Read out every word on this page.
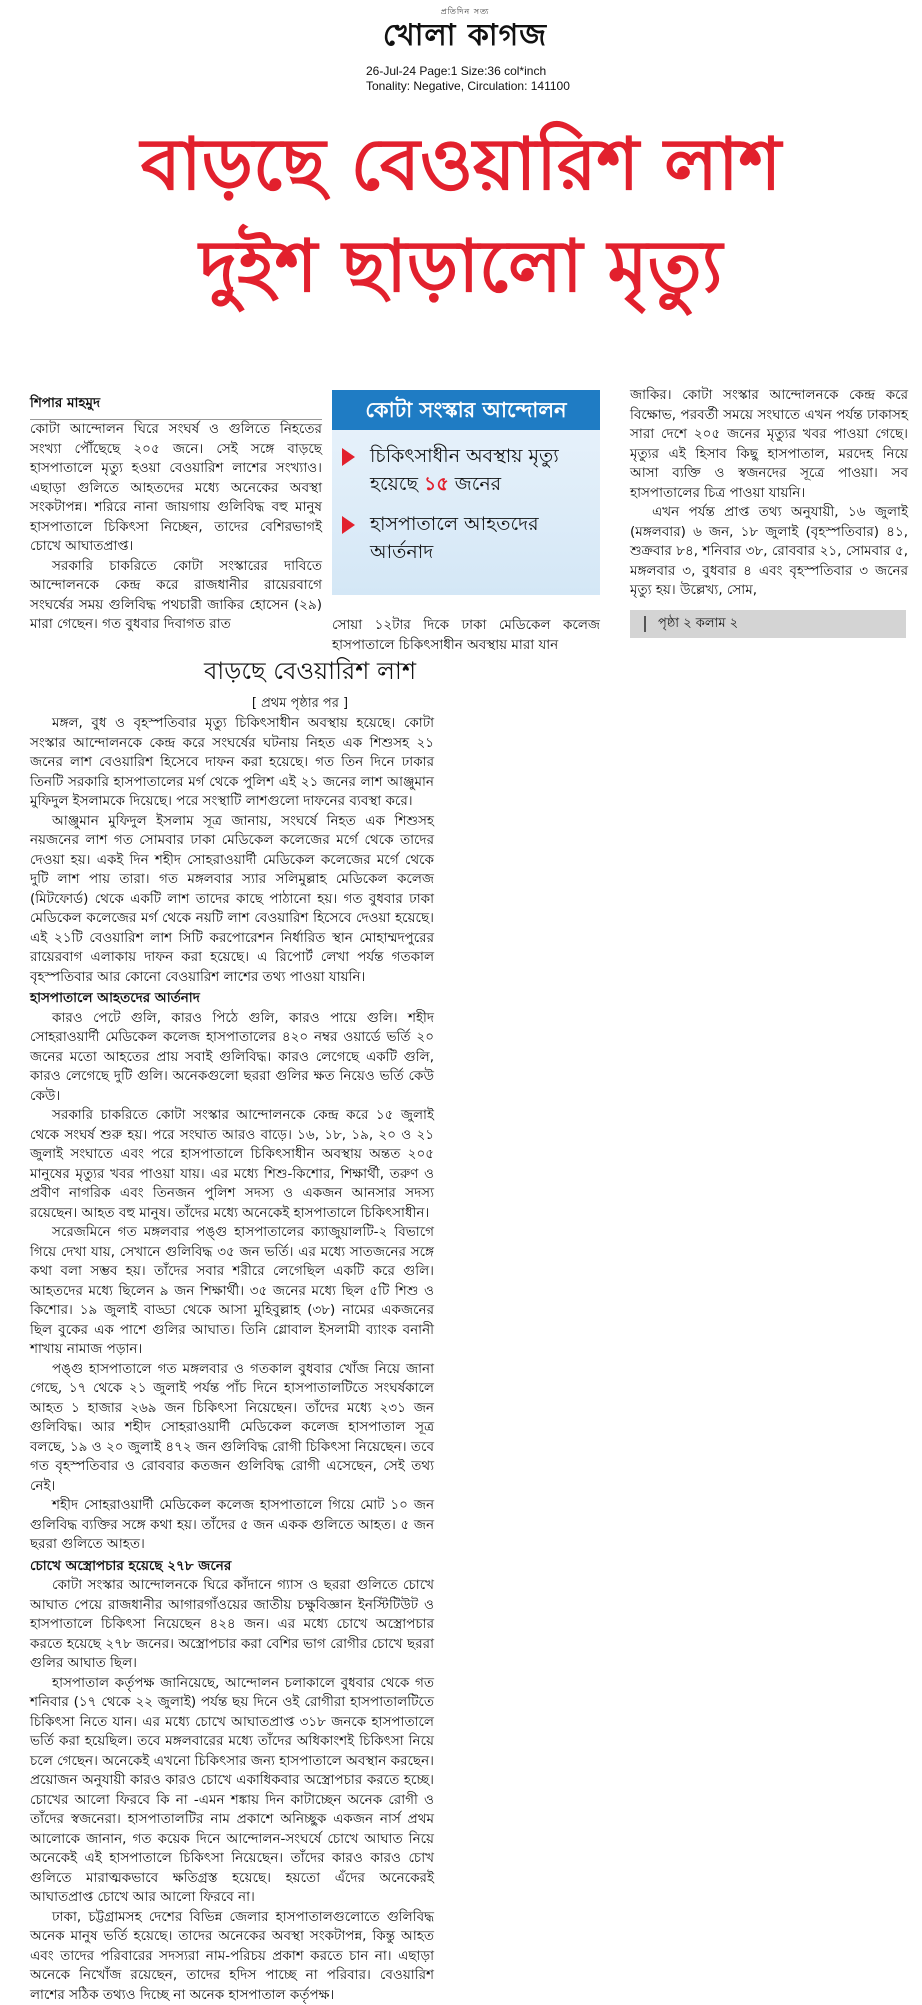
প্রতিদিন সত্য
খোলা কাগজ
26-Jul-24 Page:1 Size:36 col*inch
Tonality: Negative, Circulation: 141100
বাড়ছে বেওয়ারিশ লাশ
দুইশ ছাড়ালো মৃত্যু
শিপার মাহমুদ

কোটা আন্দোলন ঘিরে সংঘর্ষ ও গুলিতে নিহতের সংখ্যা পৌঁছেছে ২০৫ জনে। সেই সঙ্গে বাড়ছে হাসপাতালে মৃত্যু হওয়া বেওয়ারিশ লাশের সংখ্যাও। এছাড়া গুলিতে আহতদের মধ্যে অনেকের অবস্থা সংকটাপন্ন। শরিরে নানা জায়গায় গুলিবিদ্ধ বহু মানুষ হাসপাতালে চিকিৎসা নিচ্ছেন, তাদের বেশিরভাগই চোখে আঘাতপ্রাপ্ত।

সরকারি চাকরিতে কোটা সংস্কারের দাবিতে আন্দোলনকে কেন্দ্র করে রাজধানীর রায়েরবাগে সংঘর্ষের সময় গুলিবিদ্ধ পথচারী জাকির হোসেন (২৯) মারা গেছেন। গত বুধবার দিবাগত রাত

কোটা সংস্কার আন্দোলন
চিকিৎসাধীন অবস্থায় মৃত্যু হয়েছে ১৫ জনের
হাসপাতালে আহতদের আর্তনাদ

সোয়া ১২টার দিকে ঢাকা মেডিকেল কলেজ হাসপাতালে চিকিৎসাধীন অবস্থায় মারা যান

জাকির। কোটা সংস্কার আন্দোলনকে কেন্দ্র করে বিক্ষোভ, পরবর্তী সময়ে সংঘাতে এখন পর্যন্ত ঢাকাসহ সারা দেশে ২০৫ জনের মৃত্যুর খবর পাওয়া গেছে। মৃত্যুর এই হিসাব কিছু হাসপাতাল, মরদেহ নিয়ে আসা ব্যক্তি ও স্বজনদের সূত্রে পাওয়া। সব হাসপাতালের চিত্র পাওয়া যায়নি।

এখন পর্যন্ত প্রাপ্ত তথ্য অনুযায়ী, ১৬ জুলাই (মঙ্গলবার) ৬ জন, ১৮ জুলাই (বৃহস্পতিবার) ৪১, শুক্রবার ৮৪, শনিবার ৩৮, রোববার ২১, সোমবার ৫, মঙ্গলবার ৩, বুধবার ৪ এবং বৃহস্পতিবার ৩ জনের মৃত্যু হয়। উল্লেখ্য, সোম,

পৃষ্ঠা ২ কলাম ২
বাড়ছে বেওয়ারিশ লাশ
[ প্রথম পৃষ্ঠার পর ]

মঙ্গল, বুধ ও বৃহস্পতিবার মৃত্যু চিকিৎসাধীন অবস্থায় হয়েছে। কোটা সংস্কার আন্দোলনকে কেন্দ্র করে সংঘর্ষের ঘটনায় নিহত এক শিশুসহ ২১ জনের লাশ বেওয়ারিশ হিসেবে দাফন করা হয়েছে। গত তিন দিনে ঢাকার তিনটি সরকারি হাসপাতালের মর্গ থেকে পুলিশ এই ২১ জনের লাশ আঞ্জুমান মুফিদুল ইসলামকে দিয়েছে। পরে সংস্থাটি লাশগুলো দাফনের ব্যবস্থা করে।

আঞ্জুমান মুফিদুল ইসলাম সূত্র জানায়, সংঘর্ষে নিহত এক শিশুসহ নয়জনের লাশ গত সোমবার ঢাকা মেডিকেল কলেজের মর্গে থেকে তাদের দেওয়া হয়। একই দিন শহীদ সোহরাওয়ার্দী মেডিকেল কলেজের মর্গে থেকে দুটি লাশ পায় তারা। গত মঙ্গলবার স্যার সলিমুল্লাহ মেডিকেল কলেজ (মিটফোর্ড) থেকে একটি লাশ তাদের কাছে পাঠানো হয়। গত বুধবার ঢাকা মেডিকেল কলেজের মর্গ থেকে নয়টি লাশ বেওয়ারিশ হিসেবে দেওয়া হয়েছে। এই ২১টি বেওয়ারিশ লাশ সিটি করপোরেশন নির্ধারিত স্থান মোহাম্মদপুরের রায়েরবাগ এলাকায় দাফন করা হয়েছে। এ রিপোর্ট লেখা পর্যন্ত গতকাল বৃহস্পতিবার আর কোনো বেওয়ারিশ লাশের তথ্য পাওয়া যায়নি।

হাসপাতালে আহতদের আর্তনাদ

কারও পেটে গুলি, কারও পিঠে গুলি, কারও পায়ে গুলি। শহীদ সোহরাওয়ার্দী মেডিকেল কলেজ হাসপাতালের ৪২০ নম্বর ওয়ার্ডে ভর্তি ২০ জনের মতো আহতের প্রায় সবাই গুলিবিদ্ধ। কারও লেগেছে একটি গুলি, কারও লেগেছে দুটি গুলি। অনেকগুলো ছররা গুলির ক্ষত নিয়েও ভর্তি কেউ কেউ।

সরকারি চাকরিতে কোটা সংস্কার আন্দোলনকে কেন্দ্র করে ১৫ জুলাই থেকে সংঘর্ষ শুরু হয়। পরে সংঘাত আরও বাড়ে। ১৬, ১৮, ১৯, ২০ ও ২১ জুলাই সংঘাতে এবং পরে হাসপাতালে চিকিৎসাধীন অবস্থায় অন্তত ২০৫ মানুষের মৃত্যুর খবর পাওয়া যায়। এর মধ্যে শিশু-কিশোর, শিক্ষার্থী, তরুণ ও প্রবীণ নাগরিক এবং তিনজন পুলিশ সদস্য ও একজন আনসার সদস্য রয়েছেন। আহত বহু মানুষ। তাঁদের মধ্যে অনেকেই হাসপাতালে চিকিৎসাধীন।

সরেজমিনে গত মঙ্গলবার পঙ্গু হাসপাতালের ক্যাজুয়ালটি-২ বিভাগে গিয়ে দেখা যায়, সেখানে গুলিবিদ্ধ ৩৫ জন ভর্তি। এর মধ্যে সাতজনের সঙ্গে কথা বলা সম্ভব হয়। তাঁদের সবার শরীরে লেগেছিল একটি করে গুলি। আহতদের মধ্যে ছিলেন ৯ জন শিক্ষার্থী। ৩৫ জনের মধ্যে ছিল ৫টি শিশু ও কিশোর। ১৯ জুলাই বাড্ডা থেকে আসা মুহিবুল্লাহ (৩৮) নামের একজনের ছিল বুকের এক পাশে গুলির আঘাত। তিনি গ্লোবাল ইসলামী ব্যাংক বনানী শাখায় নামাজ পড়ান।

পঙ্গু হাসপাতালে গত মঙ্গলবার ও গতকাল বুধবার খোঁজ নিয়ে জানা গেছে, ১৭ থেকে ২১ জুলাই পর্যন্ত পাঁচ দিনে হাসপাতালটিতে সংঘর্ষকালে আহত ১ হাজার ২৬৯ জন চিকিৎসা নিয়েছেন। তাঁদের মধ্যে ২৩১ জন গুলিবিদ্ধ। আর শহীদ সোহরাওয়ার্দী মেডিকেল কলেজ হাসপাতাল সূত্র বলছে, ১৯ ও ২০ জুলাই ৪৭২ জন গুলিবিদ্ধ রোগী চিকিৎসা নিয়েছেন। তবে গত বৃহস্পতিবার ও রোববার কতজন গুলিবিদ্ধ রোগী এসেছেন, সেই তথ্য নেই।

শহীদ সোহরাওয়ার্দী মেডিকেল কলেজ হাসপাতালে গিয়ে মোট ১০ জন গুলিবিদ্ধ ব্যক্তির সঙ্গে কথা হয়। তাঁদের ৫ জন একক গুলিতে আহত। ৫ জন ছররা গুলিতে আহত।

চোখে অস্ত্রোপচার হয়েছে ২৭৮ জনের

কোটা সংস্কার আন্দোলনকে ঘিরে কাঁদানে গ্যাস ও ছররা গুলিতে চোখে আঘাত পেয়ে রাজধানীর আগারগাঁওয়ের জাতীয় চক্ষুবিজ্ঞান ইনস্টিটিউট ও হাসপাতালে চিকিৎসা নিয়েছেন ৪২৪ জন। এর মধ্যে চোখে অস্ত্রোপচার করতে হয়েছে ২৭৮ জনের। অস্ত্রোপচার করা বেশির ভাগ রোগীর চোখে ছররা গুলির আঘাত ছিল।

হাসপাতাল কর্তৃপক্ষ জানিয়েছে, আন্দোলন চলাকালে বুধবার থেকে গত শনিবার (১৭ থেকে ২২ জুলাই) পর্যন্ত ছয় দিনে ওই রোগীরা হাসপাতালটিতে চিকিৎসা নিতে যান। এর মধ্যে চোখে আঘাতপ্রাপ্ত ৩১৮ জনকে হাসপাতালে ভর্তি করা হয়েছিল। তবে মঙ্গলবারের মধ্যে তাঁদের অধিকাংশই চিকিৎসা নিয়ে চলে গেছেন। অনেকেই এখনো চিকিৎসার জন্য হাসপাতালে অবস্থান করছেন। প্রয়োজন অনুযায়ী কারও কারও চোখে একাধিকবার অস্ত্রোপচার করতে হচ্ছে। চোখের আলো ফিরবে কি না -এমন শঙ্কায় দিন কাটাচ্ছেন অনেক রোগী ও তাঁদের স্বজনেরা। হাসপাতালটির নাম প্রকাশে অনিচ্ছুক একজন নার্স প্রথম আলোকে জানান, গত কয়েক দিনে আন্দোলন-সংঘর্ষে চোখে আঘাত নিয়ে অনেকেই এই হাসপাতালে চিকিৎসা নিয়েছেন। তাঁদের কারও কারও চোখ গুলিতে মারাত্মকভাবে ক্ষতিগ্রস্ত হয়েছে। হয়তো এঁদের অনেকেরই আঘাতপ্রাপ্ত চোখে আর আলো ফিরবে না।

ঢাকা, চট্টগ্রামসহ দেশের বিভিন্ন জেলার হাসপাতালগুলোতে গুলিবিদ্ধ অনেক মানুষ ভর্তি হয়েছে। তাদের অনেকের অবস্থা সংকটাপন্ন, কিন্তু আহত এবং তাদের পরিবারের সদস্যরা নাম-পরিচয় প্রকাশ করতে চান না। এছাড়া অনেকে নিখোঁজ রয়েছেন, তাদের হদিস পাচ্ছে না পরিবার। বেওয়ারিশ লাশের সঠিক তথ্যও দিচ্ছে না অনেক হাসপাতাল কর্তৃপক্ষ।
